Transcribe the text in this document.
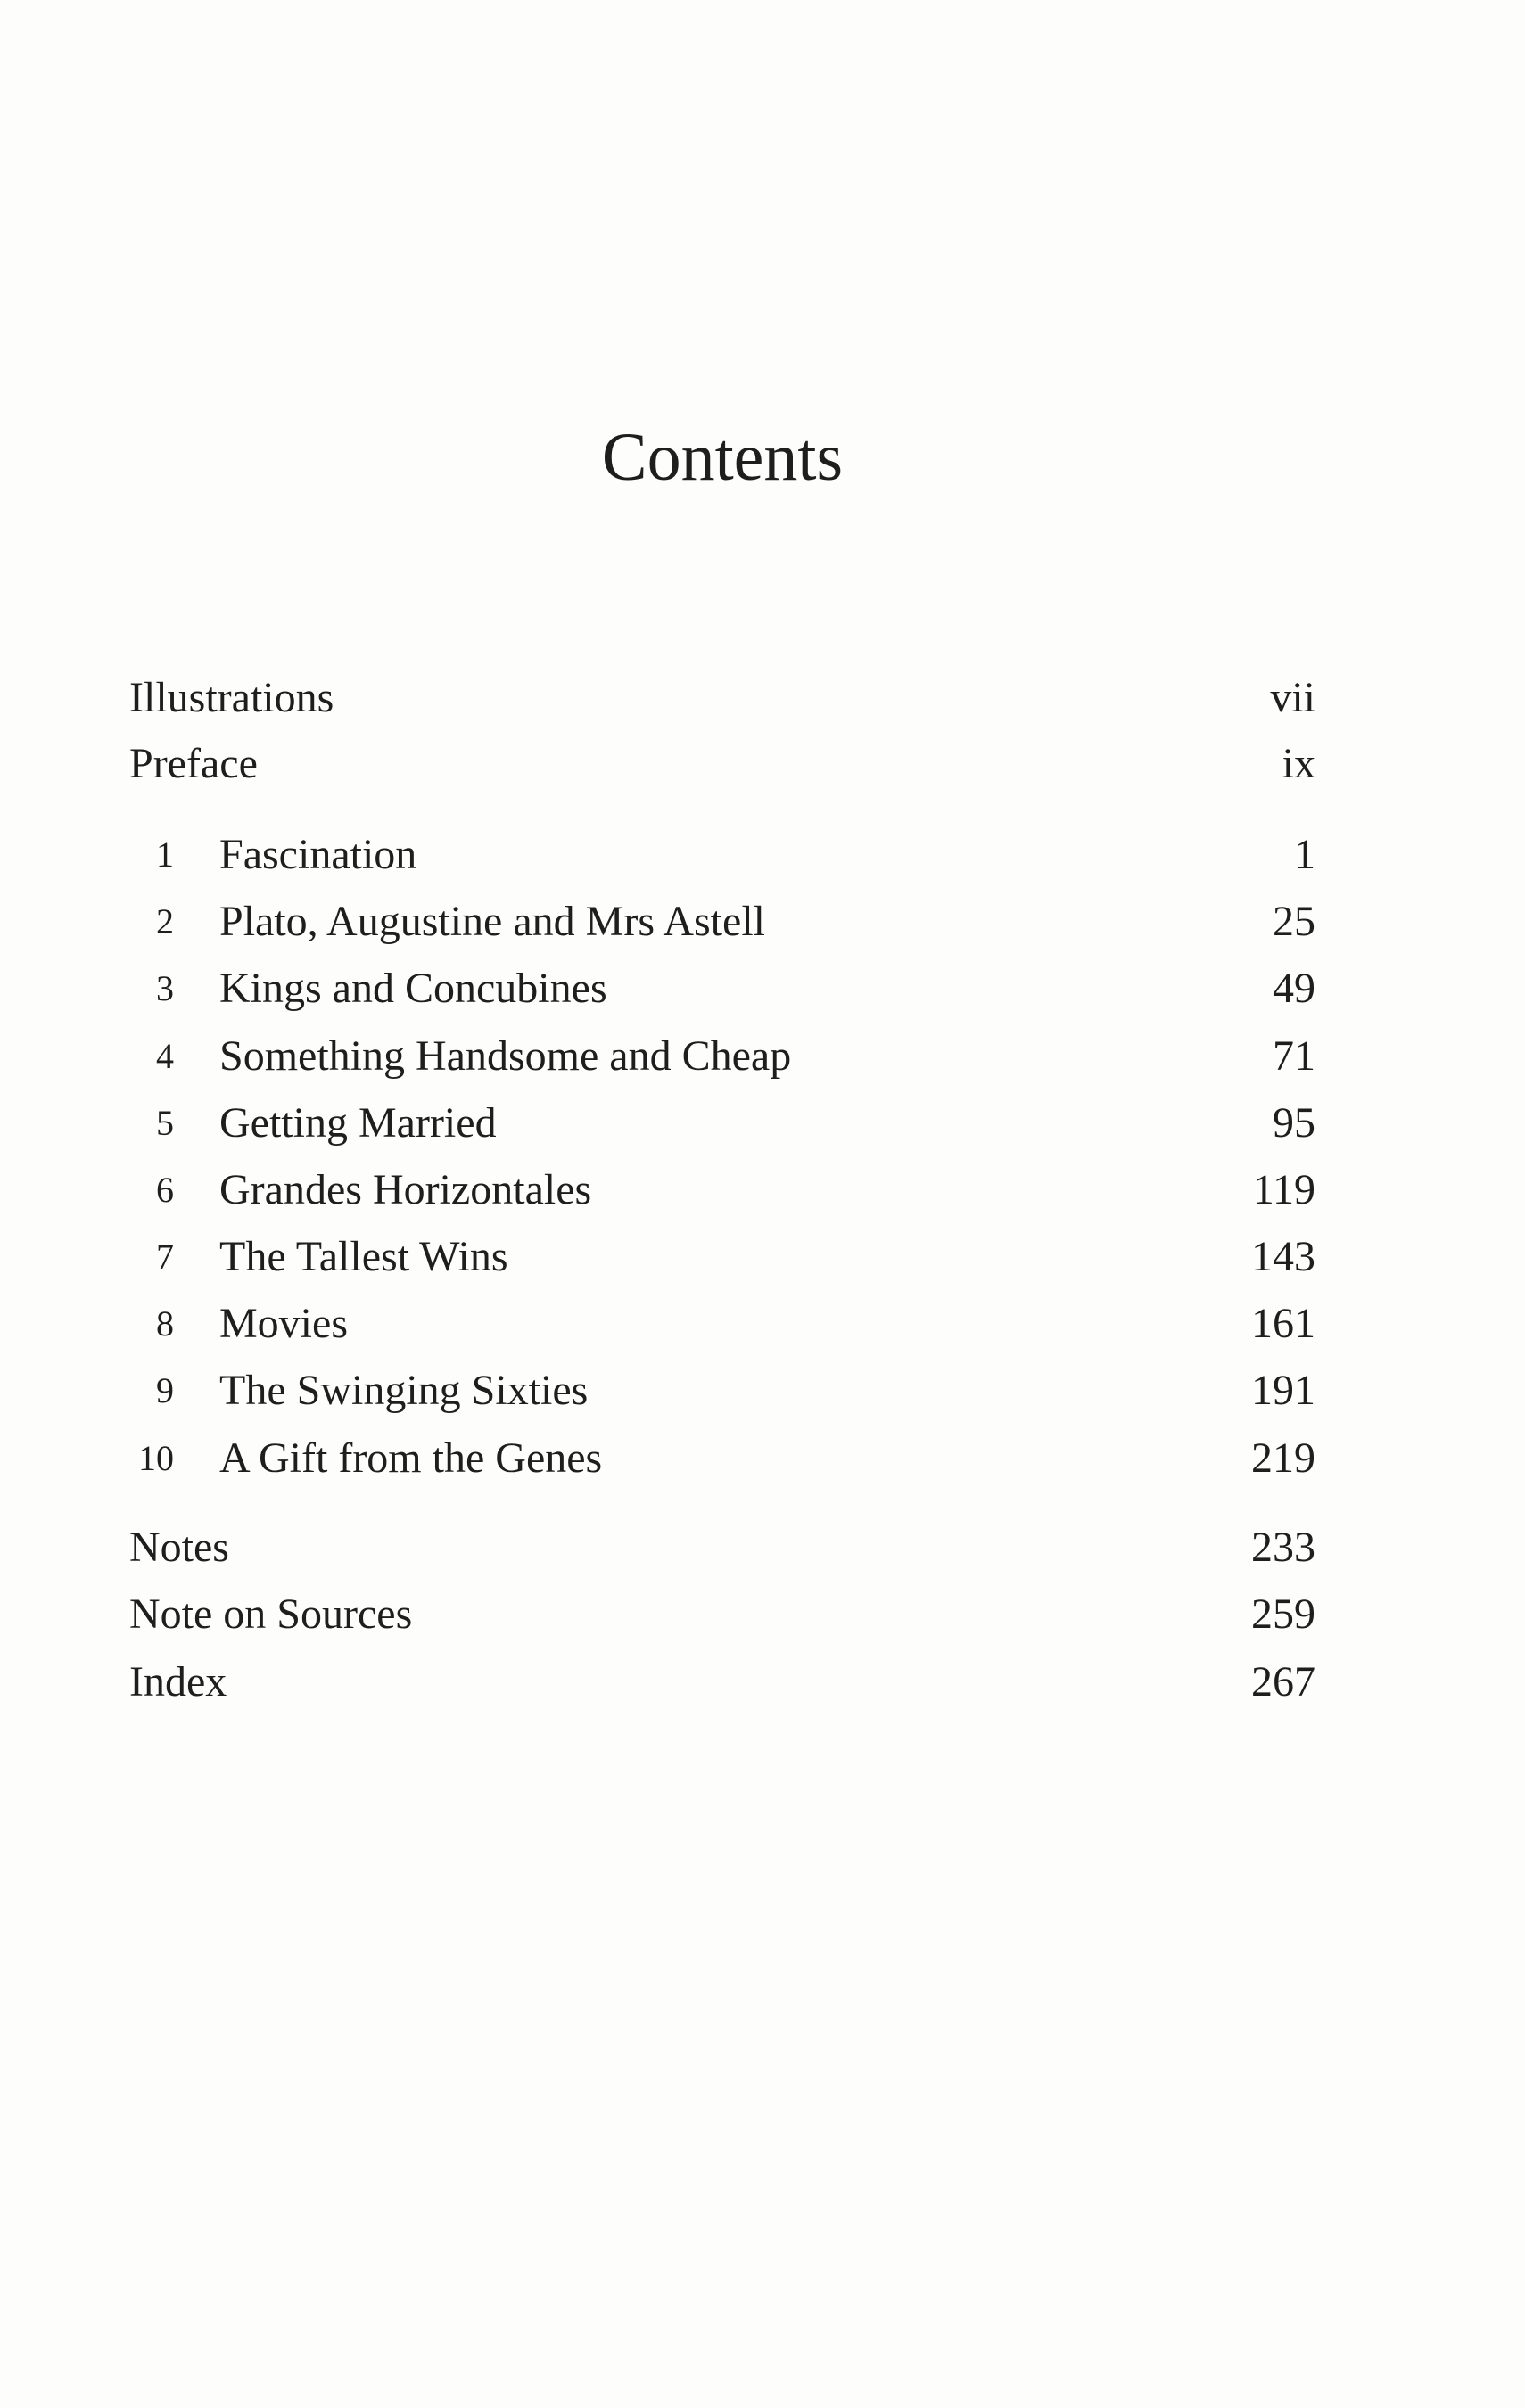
Contents
Illustrations	vii
Preface	ix
1 Fascination	1
2 Plato, Augustine and Mrs Astell	25
3 Kings and Concubines	49
4 Something Handsome and Cheap	71
5 Getting Married	95
6 Grandes Horizontales	119
7 The Tallest Wins	143
8 Movies	161
9 The Swinging Sixties	191
10 A Gift from the Genes	219
Notes	233
Note on Sources	259
Index	267
